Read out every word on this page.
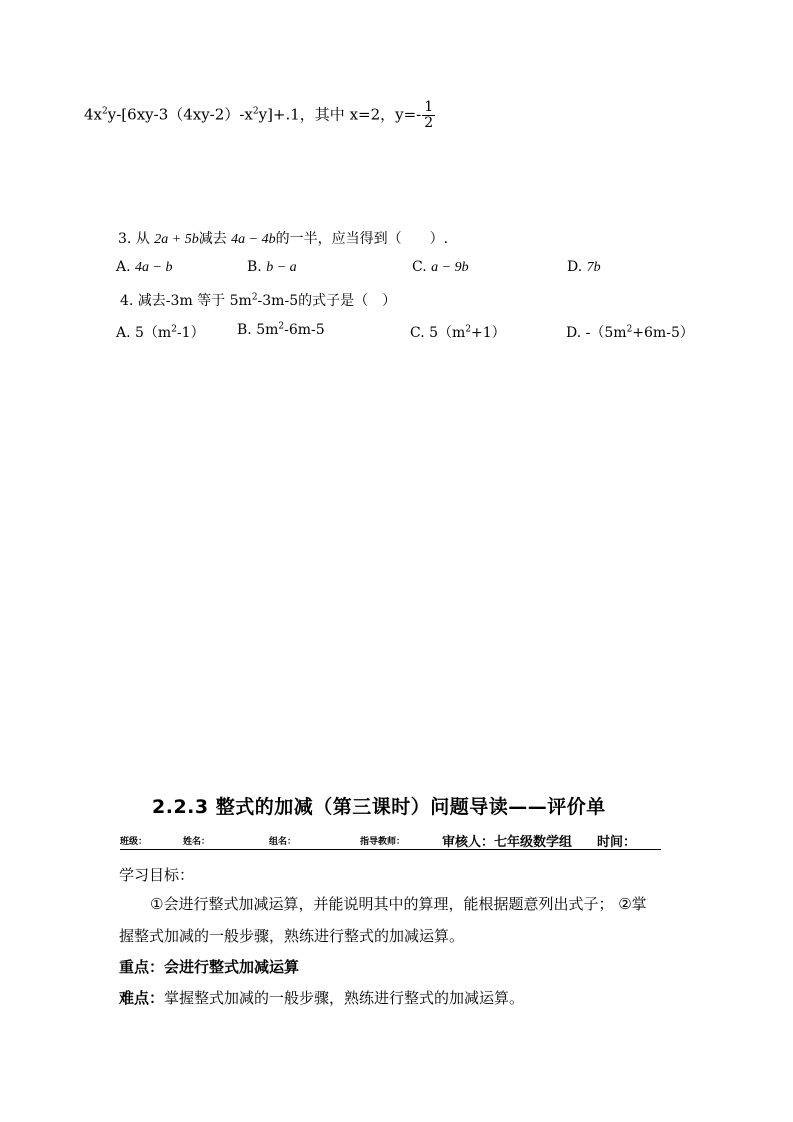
$4x^2y-[6xy-3(4xy-2)-x^2y]+.1$，其中 x=2，$y=- \frac{1}{2}$
3. 从 2a + 5b减去 4a − 4b的一半，应当得到（　　）.
A. 4a − b	B. b − a	C. a − 9b	D. 7b
4. 减去-3m 等于 $5m^2-3m-5$的式子是（　）
A. $5(m^2-1)$ B. $5m^2-6m-5$	C. $5(m^2+1)$	D. $-(5m^2+6m-5)$
2.2.3 整式的加减（第三课时）问题导读——评价单
班级：	姓名：	组名：	指导教师：	审核人：七年级数学组 时间：
学习目标：
①会进行整式加减运算，并能说明其中的算理，能根据题意列出式子； ②掌
握整式加减的一般步骤，熟练进行整式的加减运算。
重点：会进行整式加减运算
难点：掌握整式加减的一般步骤，熟练进行整式的加减运算。
